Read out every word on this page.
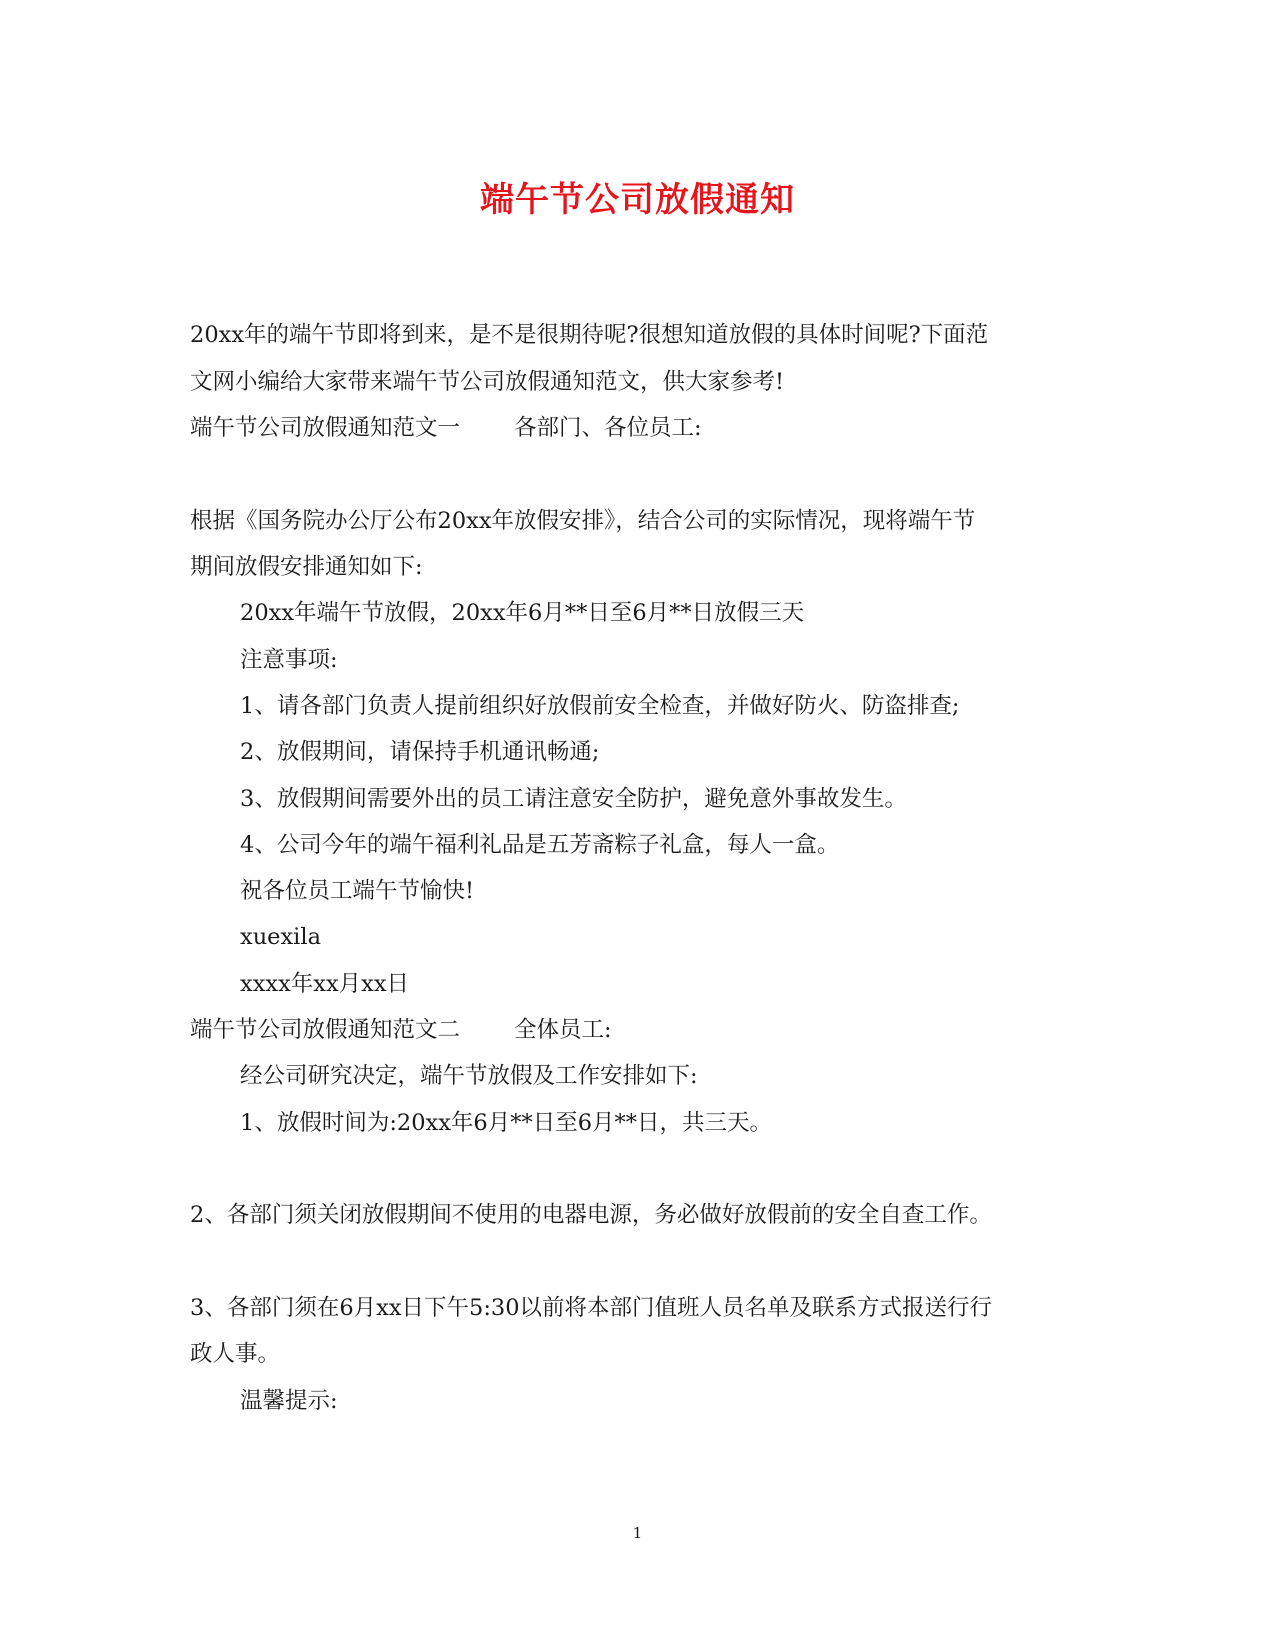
端午节公司放假通知
20xx年的端午节即将到来，是不是很期待呢?很想知道放假的具体时间呢?下面范
文网小编给大家带来端午节公司放假通知范文，供大家参考!
端午节公司放假通知范文一 各部门、各位员工:
根据《国务院办公厅公布20xx年放假安排》，结合公司的实际情况，现将端午节
期间放假安排通知如下:
20xx年端午节放假，20xx年6月**日至6月**日放假三天
注意事项:
1、请各部门负责人提前组织好放假前安全检查，并做好防火、防盗排查;
2、放假期间，请保持手机通讯畅通;
3、放假期间需要外出的员工请注意安全防护，避免意外事故发生。
4、公司今年的端午福利礼品是五芳斋粽子礼盒，每人一盒。
祝各位员工端午节愉快!
xuexila
xxxx年xx月xx日
端午节公司放假通知范文二 全体员工:
经公司研究决定，端午节放假及工作安排如下:
1、放假时间为:20xx年6月**日至6月**日，共三天。
2、各部门须关闭放假期间不使用的电器电源，务必做好放假前的安全自查工作。
3、各部门须在6月xx日下午5:30以前将本部门值班人员名单及联系方式报送行行
政人事。
温馨提示:
1
